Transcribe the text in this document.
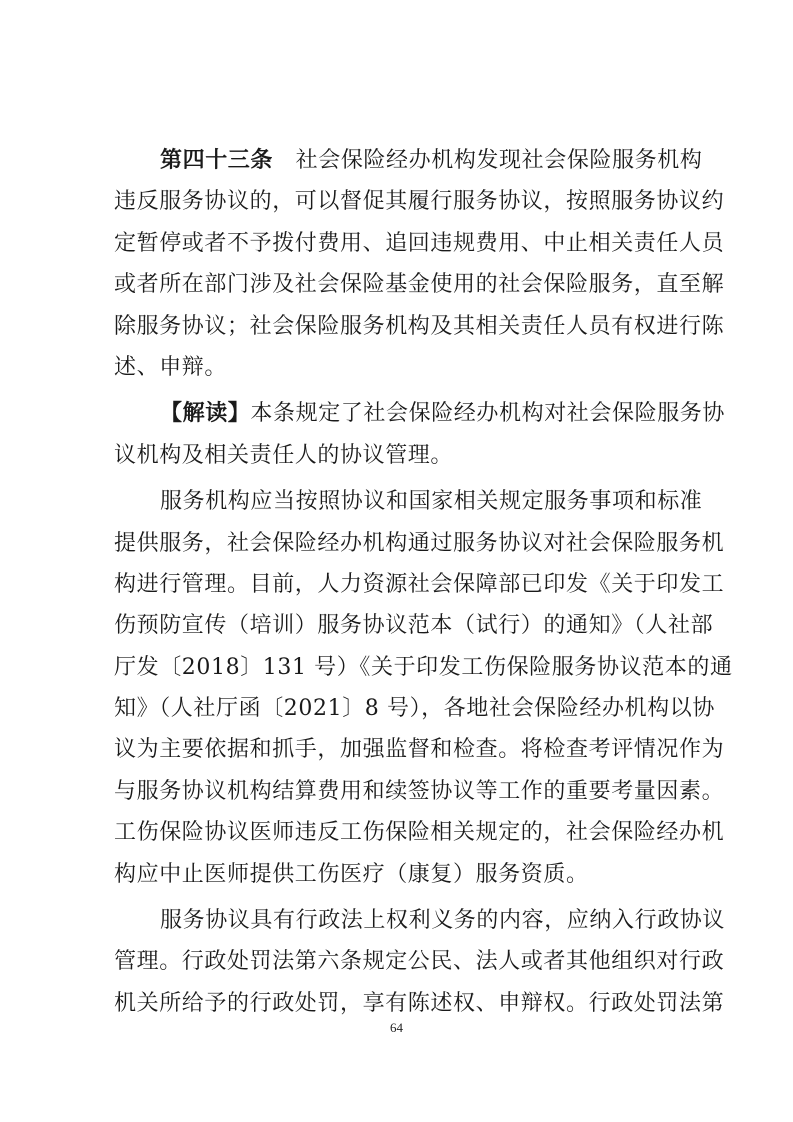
第四十三条　社会保险经办机构发现社会保险服务机构
违反服务协议的，可以督促其履行服务协议，按照服务协议约
定暂停或者不予拨付费用、追回违规费用、中止相关责任人员
或者所在部门涉及社会保险基金使用的社会保险服务，直至解
除服务协议；社会保险服务机构及其相关责任人员有权进行陈
述、申辩。
【解读】本条规定了社会保险经办机构对社会保险服务协
议机构及相关责任人的协议管理。
服务机构应当按照协议和国家相关规定服务事项和标准
提供服务，社会保险经办机构通过服务协议对社会保险服务机
构进行管理。目前，人力资源社会保障部已印发《关于印发工
伤预防宣传（培训）服务协议范本（试行）的通知》（人社部
厅发〔2018〕131 号）《关于印发工伤保险服务协议范本的通
知》（人社厅函〔2021〕8 号），各地社会保险经办机构以协
议为主要依据和抓手，加强监督和检查。将检查考评情况作为
与服务协议机构结算费用和续签协议等工作的重要考量因素。
工伤保险协议医师违反工伤保险相关规定的，社会保险经办机
构应中止医师提供工伤医疗（康复）服务资质。
服务协议具有行政法上权利义务的内容，应纳入行政协议
管理。行政处罚法第六条规定公民、法人或者其他组织对行政
机关所给予的行政处罚，享有陈述权、申辩权。行政处罚法第
64
